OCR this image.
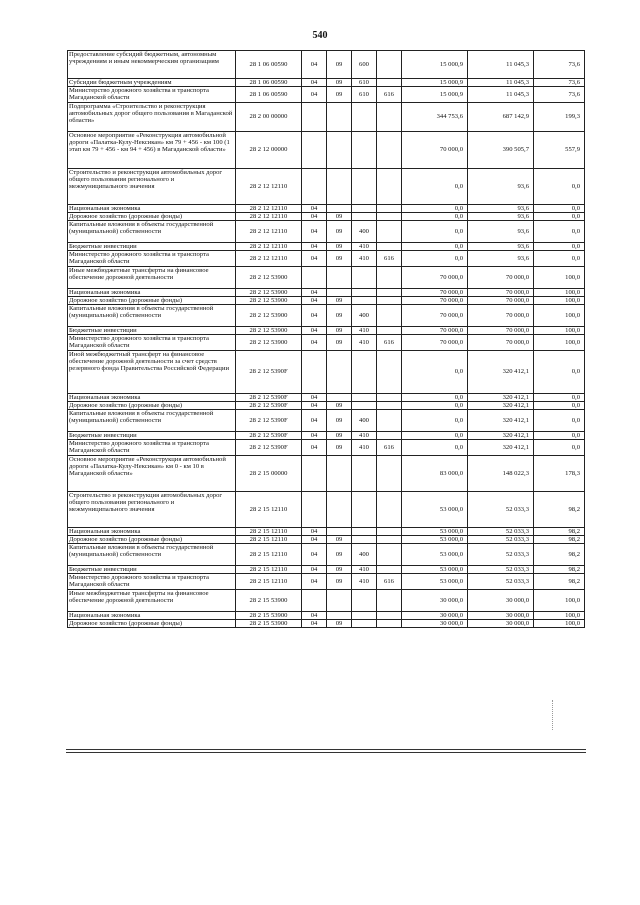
540
Предоставление субсидий бюджетным, автономным учреждениям и иным некоммерческим организациям	28 1 06 00590	04	09	600		15 000,9	11 045,3	73,6
Субсидии бюджетным учреждениям	28 1 06 00590	04	09	610		15 000,9	11 045,3	73,6
Министерство дорожного хозяйства и транспорта Магаданской области	28 1 06 00590	04	09	610	616	15 000,9	11 045,3	73,6
Подпрограмма «Строительство и реконструкция автомобильных дорог общего пользования в Магаданской области»	28 2 00 00000					344 753,6	687 142,9	199,3
Основное мероприятие «Реконструкция автомобильной дороги «Палатка-Кулу-Нексикан» км 79 + 456 - км 100 (1 этап км 79 + 456 - км 94 + 456) в Магаданской области»	28 2 12 00000					70 000,0	390 505,7	557,9
Строительство и реконструкция автомобильных дорог общего пользования регионального и межмуниципального значения	28 2 12 12110					0,0	93,6	0,0
Национальная экономика	28 2 12 12110	04				0,0	93,6	0,0
Дорожное хозяйство (дорожные фонды)	28 2 12 12110	04	09			0,0	93,6	0,0
Капитальные вложения в объекты государственной (муниципальной) собственности	28 2 12 12110	04	09	400		0,0	93,6	0,0
Бюджетные инвестиции	28 2 12 12110	04	09	410		0,0	93,6	0,0
Министерство дорожного хозяйства и транспорта Магаданской области	28 2 12 12110	04	09	410	616	0,0	93,6	0,0
Иные межбюджетные трансферты на финансовое обеспечение дорожной деятельности	28 2 12 53900					70 000,0	70 000,0	100,0
Национальная экономика	28 2 12 53900	04				70 000,0	70 000,0	100,0
Дорожное хозяйство (дорожные фонды)	28 2 12 53900	04	09			70 000,0	70 000,0	100,0
Капитальные вложения в объекты государственной (муниципальной) собственности	28 2 12 53900	04	09	400		70 000,0	70 000,0	100,0
Бюджетные инвестиции	28 2 12 53900	04	09	410		70 000,0	70 000,0	100,0
Министерство дорожного хозяйства и транспорта Магаданской области	28 2 12 53900	04	09	410	616	70 000,0	70 000,0	100,0
Иной межбюджетный трансферт на финансовое обеспечение дорожной деятельности за счет средств резервного фонда Правительства Российской Федерации	28 2 12 5390F					0,0	320 412,1	0,0
Национальная экономика	28 2 12 5390F	04				0,0	320 412,1	0,0
Дорожное хозяйство (дорожные фонды)	28 2 12 5390F	04	09			0,0	320 412,1	0,0
Капитальные вложения в объекты государственной (муниципальной) собственности	28 2 12 5390F	04	09	400		0,0	320 412,1	0,0
Бюджетные инвестиции	28 2 12 5390F	04	09	410		0,0	320 412,1	0,0
Министерство дорожного хозяйства и транспорта Магаданской области	28 2 12 5390F	04	09	410	616	0,0	320 412,1	0,0
Основное мероприятие «Реконструкция автомобильной дороги «Палатка-Кулу-Нексикан» км 0 - км 10 в Магаданской области»	28 2 15 00000					83 000,0	148 022,3	178,3
Строительство и реконструкция автомобильных дорог общего пользования регионального и межмуниципального значения	28 2 15 12110					53 000,0	52 033,3	98,2
Национальная экономика	28 2 15 12110	04				53 000,0	52 033,3	98,2
Дорожное хозяйство (дорожные фонды)	28 2 15 12110	04	09			53 000,0	52 033,3	98,2
Капитальные вложения в объекты государственной (муниципальной) собственности	28 2 15 12110	04	09	400		53 000,0	52 033,3	98,2
Бюджетные инвестиции	28 2 15 12110	04	09	410		53 000,0	52 033,3	98,2
Министерство дорожного хозяйства и транспорта Магаданской области	28 2 15 12110	04	09	410	616	53 000,0	52 033,3	98,2
Иные межбюджетные трансферты на финансовое обеспечение дорожной деятельности	28 2 15 53900					30 000,0	30 000,0	100,0
Национальная экономика	28 2 15 53900	04				30 000,0	30 000,0	100,0
Дорожное хозяйство (дорожные фонды)	28 2 15 53900	04	09			30 000,0	30 000,0	100,0
